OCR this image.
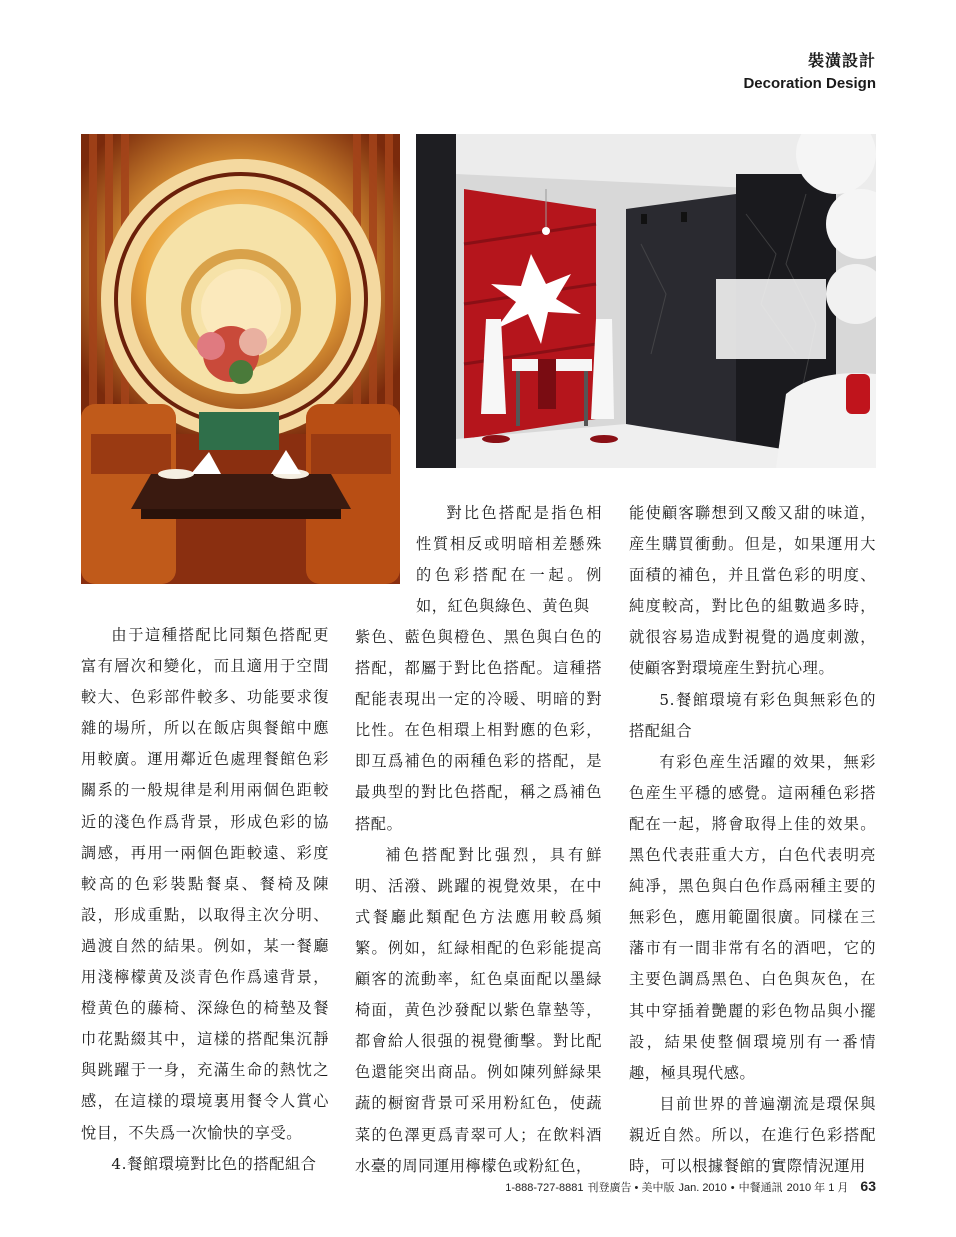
裝潢設計
Decoration Design

由于這種搭配比同類色搭配更富有層次和變化，而且適用于空間較大、色彩部件較多、功能要求復雜的場所，所以在飯店與餐館中應用較廣。運用鄰近色處理餐館色彩關系的一般規律是利用兩個色距較近的淺色作爲背景，形成色彩的協調感，再用一兩個色距較遠、彩度較高的色彩裝點餐桌、餐椅及陳設，形成重點，以取得主次分明、過渡自然的結果。例如，某一餐廳用淺檸檬黄及淡青色作爲遠背景，橙黄色的藤椅、深綠色的椅墊及餐巾花點綴其中，這樣的搭配集沉靜與跳躍于一身，充滿生命的熱忱之感，在這樣的環境裏用餐令人賞心悅目，不失爲一次愉快的享受。

4.餐館環境對比色的搭配組合

對比色搭配是指色相性質相反或明暗相差懸殊的色彩搭配在一起。例如，紅色與綠色、黄色與

紫色、藍色與橙色、黑色與白色的搭配，都屬于對比色搭配。這種搭配能表現出一定的冷暖、明暗的對比性。在色相環上相對應的色彩，即互爲補色的兩種色彩的搭配，是最典型的對比色搭配，稱之爲補色搭配。

補色搭配對比强烈，具有鮮明、活潑、跳躍的視覺效果，在中式餐廳此類配色方法應用較爲頻繁。例如，紅緑相配的色彩能提高顧客的流動率，紅色桌面配以墨緑椅面，黄色沙發配以紫色靠墊等，都會給人很强的視覺衝擊。對比配色還能突出商品。例如陳列鮮緑果蔬的橱窗背景可采用粉紅色，使蔬菜的色澤更爲青翠可人；在飲料酒水臺的周同運用檸檬色或粉紅色，

能使顧客聯想到又酸又甜的味道，産生購買衝動。但是，如果運用大面積的補色，并且當色彩的明度、純度較高，對比色的組數過多時，就很容易造成對視覺的過度刺激，使顧客對環境産生對抗心理。

5.餐館環境有彩色與無彩色的搭配組合

有彩色産生活躍的效果，無彩色産生平穩的感覺。這兩種色彩搭配在一起，將會取得上佳的效果。黑色代表莊重大方，白色代表明亮純凈，黑色與白色作爲兩種主要的無彩色，應用範圍很廣。同樣在三藩市有一間非常有名的酒吧，它的主要色調爲黑色、白色與灰色，在其中穿插着艷麗的彩色物品與小擺設，結果使整個環境別有一番情趣，極具現代感。

目前世界的普遍潮流是環保與親近自然。所以，在進行色彩搭配時，可以根據餐館的實際情況運用

1-888-727-8881 刊登廣告 • 美中版 Jan. 2010 • 中餐通訊 2010 年 1 月 63
